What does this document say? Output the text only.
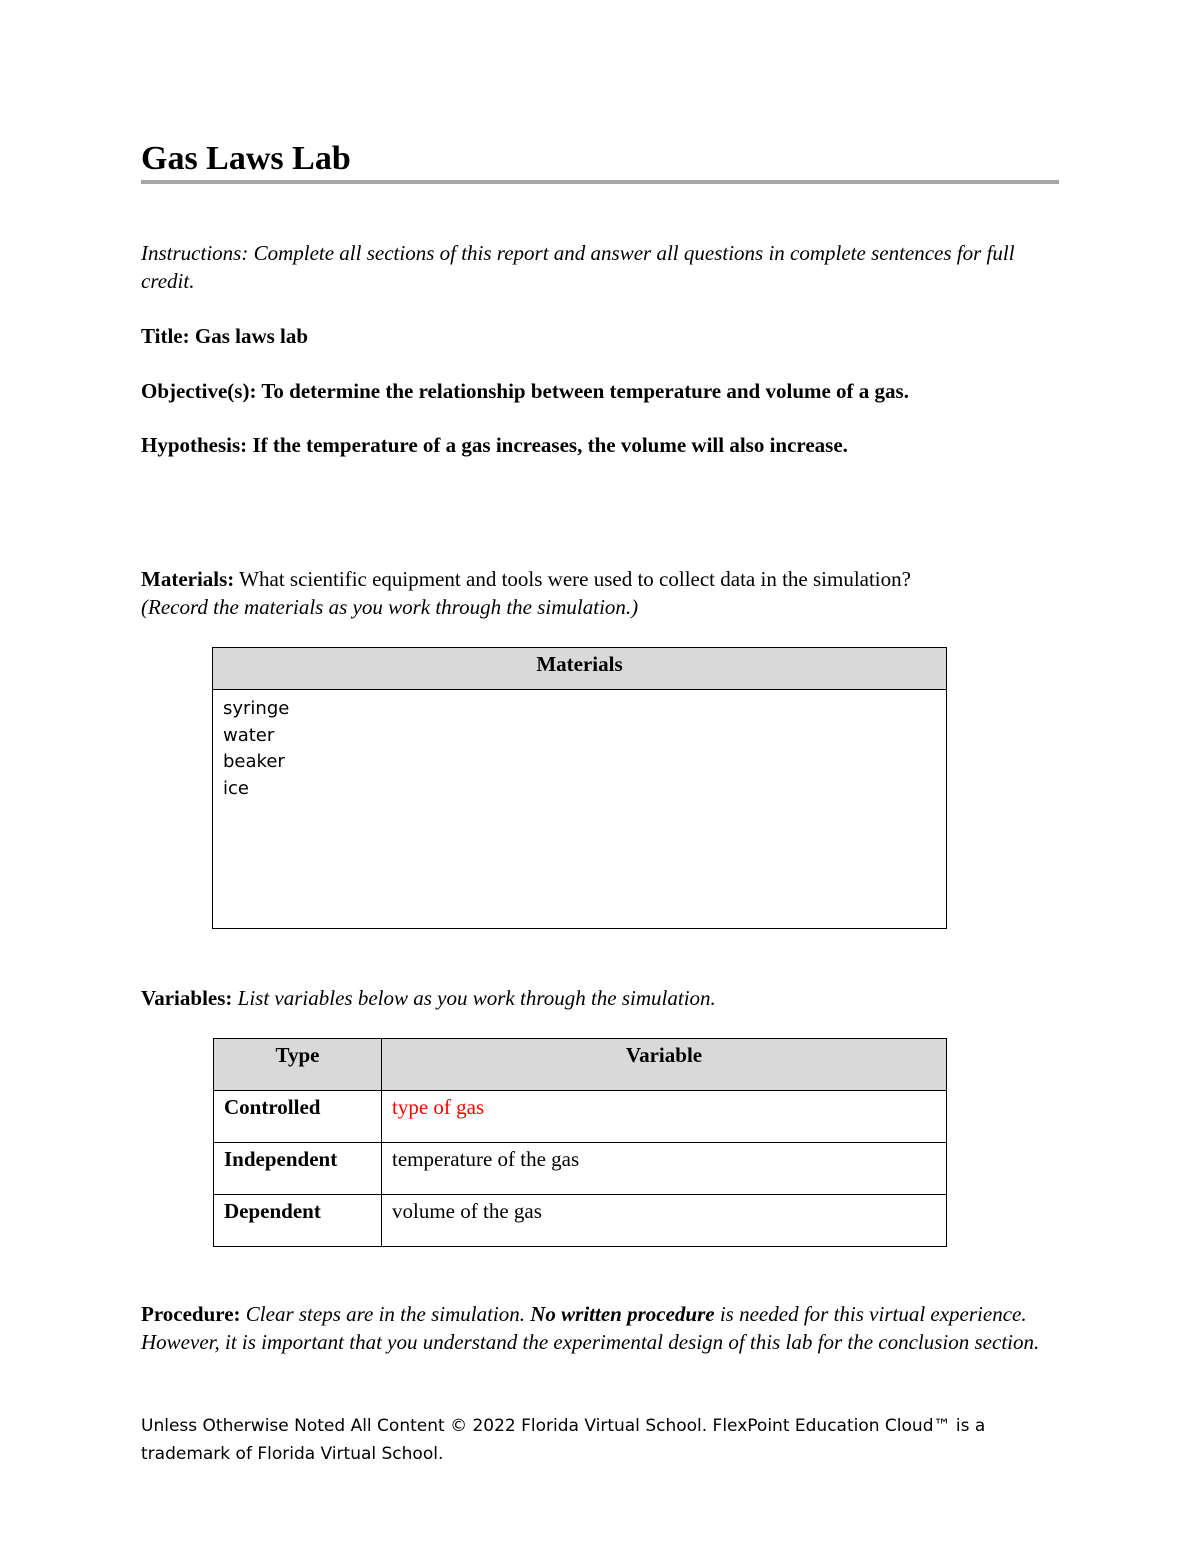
Gas Laws Lab
Instructions: Complete all sections of this report and answer all questions in complete sentences for full credit.
Title: Gas laws lab
Objective(s): To determine the relationship between temperature and volume of a gas.
Hypothesis: If the temperature of a gas increases, the volume will also increase.
Materials: What scientific equipment and tools were used to collect data in the simulation?
(Record the materials as you work through the simulation.)
Materials

syringe
water
beaker
ice
Variables: List variables below as you work through the simulation.
Type	Variable
Controlled	type of gas
Independent	temperature of the gas
Dependent	volume of the gas
Procedure: Clear steps are in the simulation. No written procedure is needed for this virtual experience. However, it is important that you understand the experimental design of this lab for the conclusion section.
Unless Otherwise Noted All Content © 2022 Florida Virtual School. FlexPoint Education Cloud™ is a trademark of Florida Virtual School.
